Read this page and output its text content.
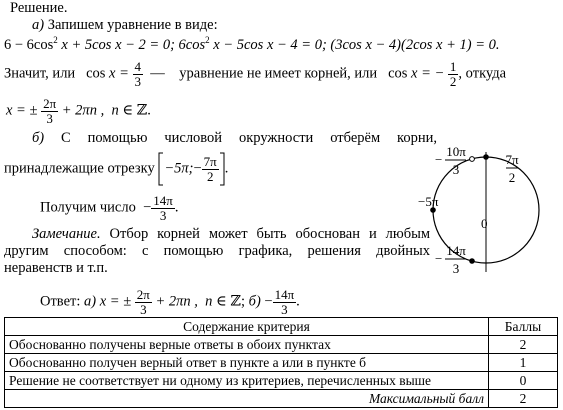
Решение.
а) Запишем уравнение в виде:
$6 - 6\cos^2$ x + 5cos x − 2 = 0; $6\cos^2$ x − 5cos x − 4 = 0; (3cos x − 4)(2cos x + 1) = 0.
Значит, или $\cos x = \frac{4}{3}$ — уравнение не имеет корней, или cos x = − $\frac{1}{2}$ , откуда
x = ± $\frac{2\pi}{3} + 2\pi n$ , n ∈ ℤ.
б) С помощью числовой окружности отберём корни,
принадлежащие отрезку −5π;− $\frac{7\pi}{2}$ .
Получим число − $\frac{14\pi}{3}$ .
Замечание. Отбор корней может быть обоснован и любым
другим способом: с помощью графика, решения двойных
неравенств и т.п.
Ответ: а) x = ± $\frac{2\pi}{3} + 2\pi n$ , n ∈ ℤ; $б) - \frac{14\pi}{3}$ .
7π
2
−
10π
3
−5π
0
−
14π
3
Содержание критерия	Баллы
Обоснованно получены верные ответы в обоих пунктах	2
Обоснованно получен верный ответ в пункте а или в пункте б	1
Решение не соответствует ни одному из критериев, перечисленных выше	0
Максимальный балл	2
